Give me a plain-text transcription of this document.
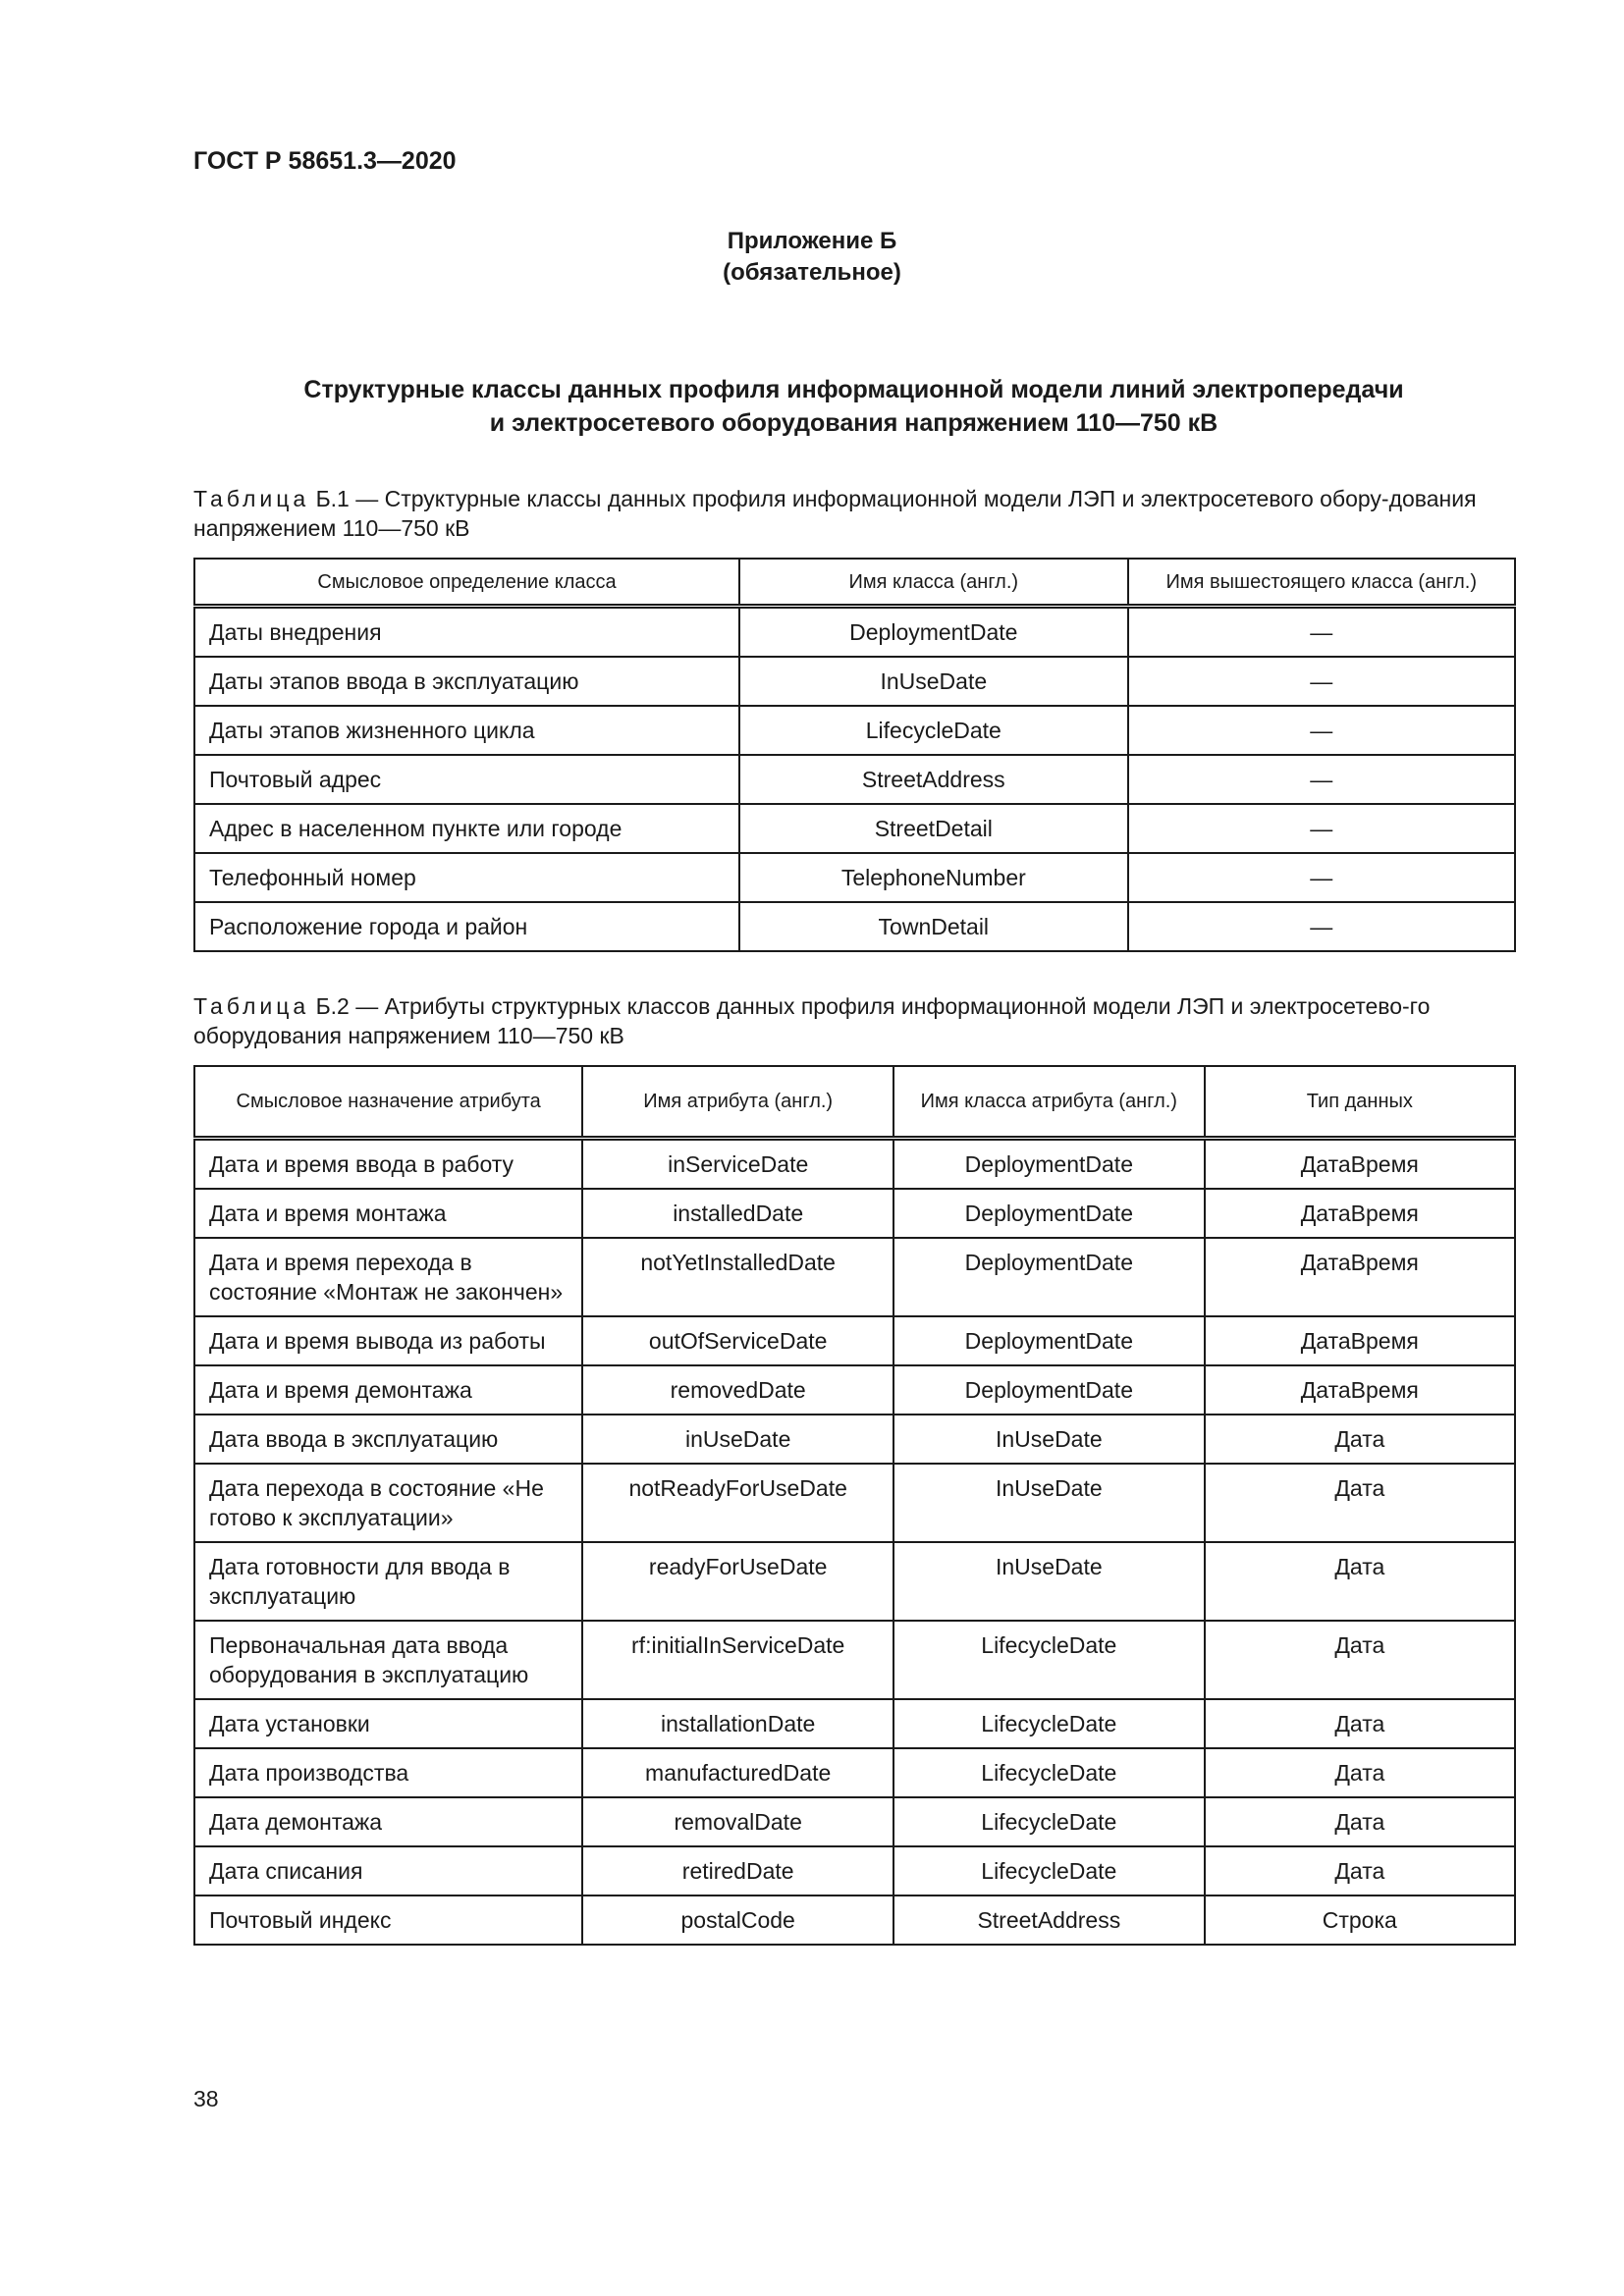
ГОСТ Р 58651.3—2020
Приложение Б
(обязательное)
Структурные классы данных профиля информационной модели линий электропередачи
и электросетевого оборудования напряжением 110—750 кВ
Таблица Б.1 — Структурные классы данных профиля информационной модели ЛЭП и электросетевого обору-дования напряжением 110—750 кВ
Смысловое определение класса	Имя класса (англ.)	Имя вышестоящего класса (англ.)
Даты внедрения	DeploymentDate	—
Даты этапов ввода в эксплуатацию	InUseDate	—
Даты этапов жизненного цикла	LifecycleDate	—
Почтовый адрес	StreetAddress	—
Адрес в населенном пункте или городе	StreetDetail	—
Телефонный номер	TelephoneNumber	—
Расположение города и район	TownDetail	—
Таблица Б.2 — Атрибуты структурных классов данных профиля информационной модели ЛЭП и электросетево-го оборудования напряжением 110—750 кВ
Смысловое назначение атрибута	Имя атрибута (англ.)	Имя класса атрибута (англ.)	Тип данных
Дата и время ввода в работу	inServiceDate	DeploymentDate	ДатаВремя
Дата и время монтажа	installedDate	DeploymentDate	ДатаВремя
Дата и время перехода в состояние «Монтаж не закончен»	notYetInstalledDate	DeploymentDate	ДатаВремя
Дата и время вывода из работы	outOfServiceDate	DeploymentDate	ДатаВремя
Дата и время демонтажа	removedDate	DeploymentDate	ДатаВремя
Дата ввода в эксплуатацию	inUseDate	InUseDate	Дата
Дата перехода в состояние «Не готово к эксплуатации»	notReadyForUseDate	InUseDate	Дата
Дата готовности для ввода в эксплуатацию	readyForUseDate	InUseDate	Дата
Первоначальная дата ввода оборудования в эксплуатацию	rf:initialInServiceDate	LifecycleDate	Дата
Дата установки	installationDate	LifecycleDate	Дата
Дата производства	manufacturedDate	LifecycleDate	Дата
Дата демонтажа	removalDate	LifecycleDate	Дата
Дата списания	retiredDate	LifecycleDate	Дата
Почтовый индекс	postalCode	StreetAddress	Строка
38
